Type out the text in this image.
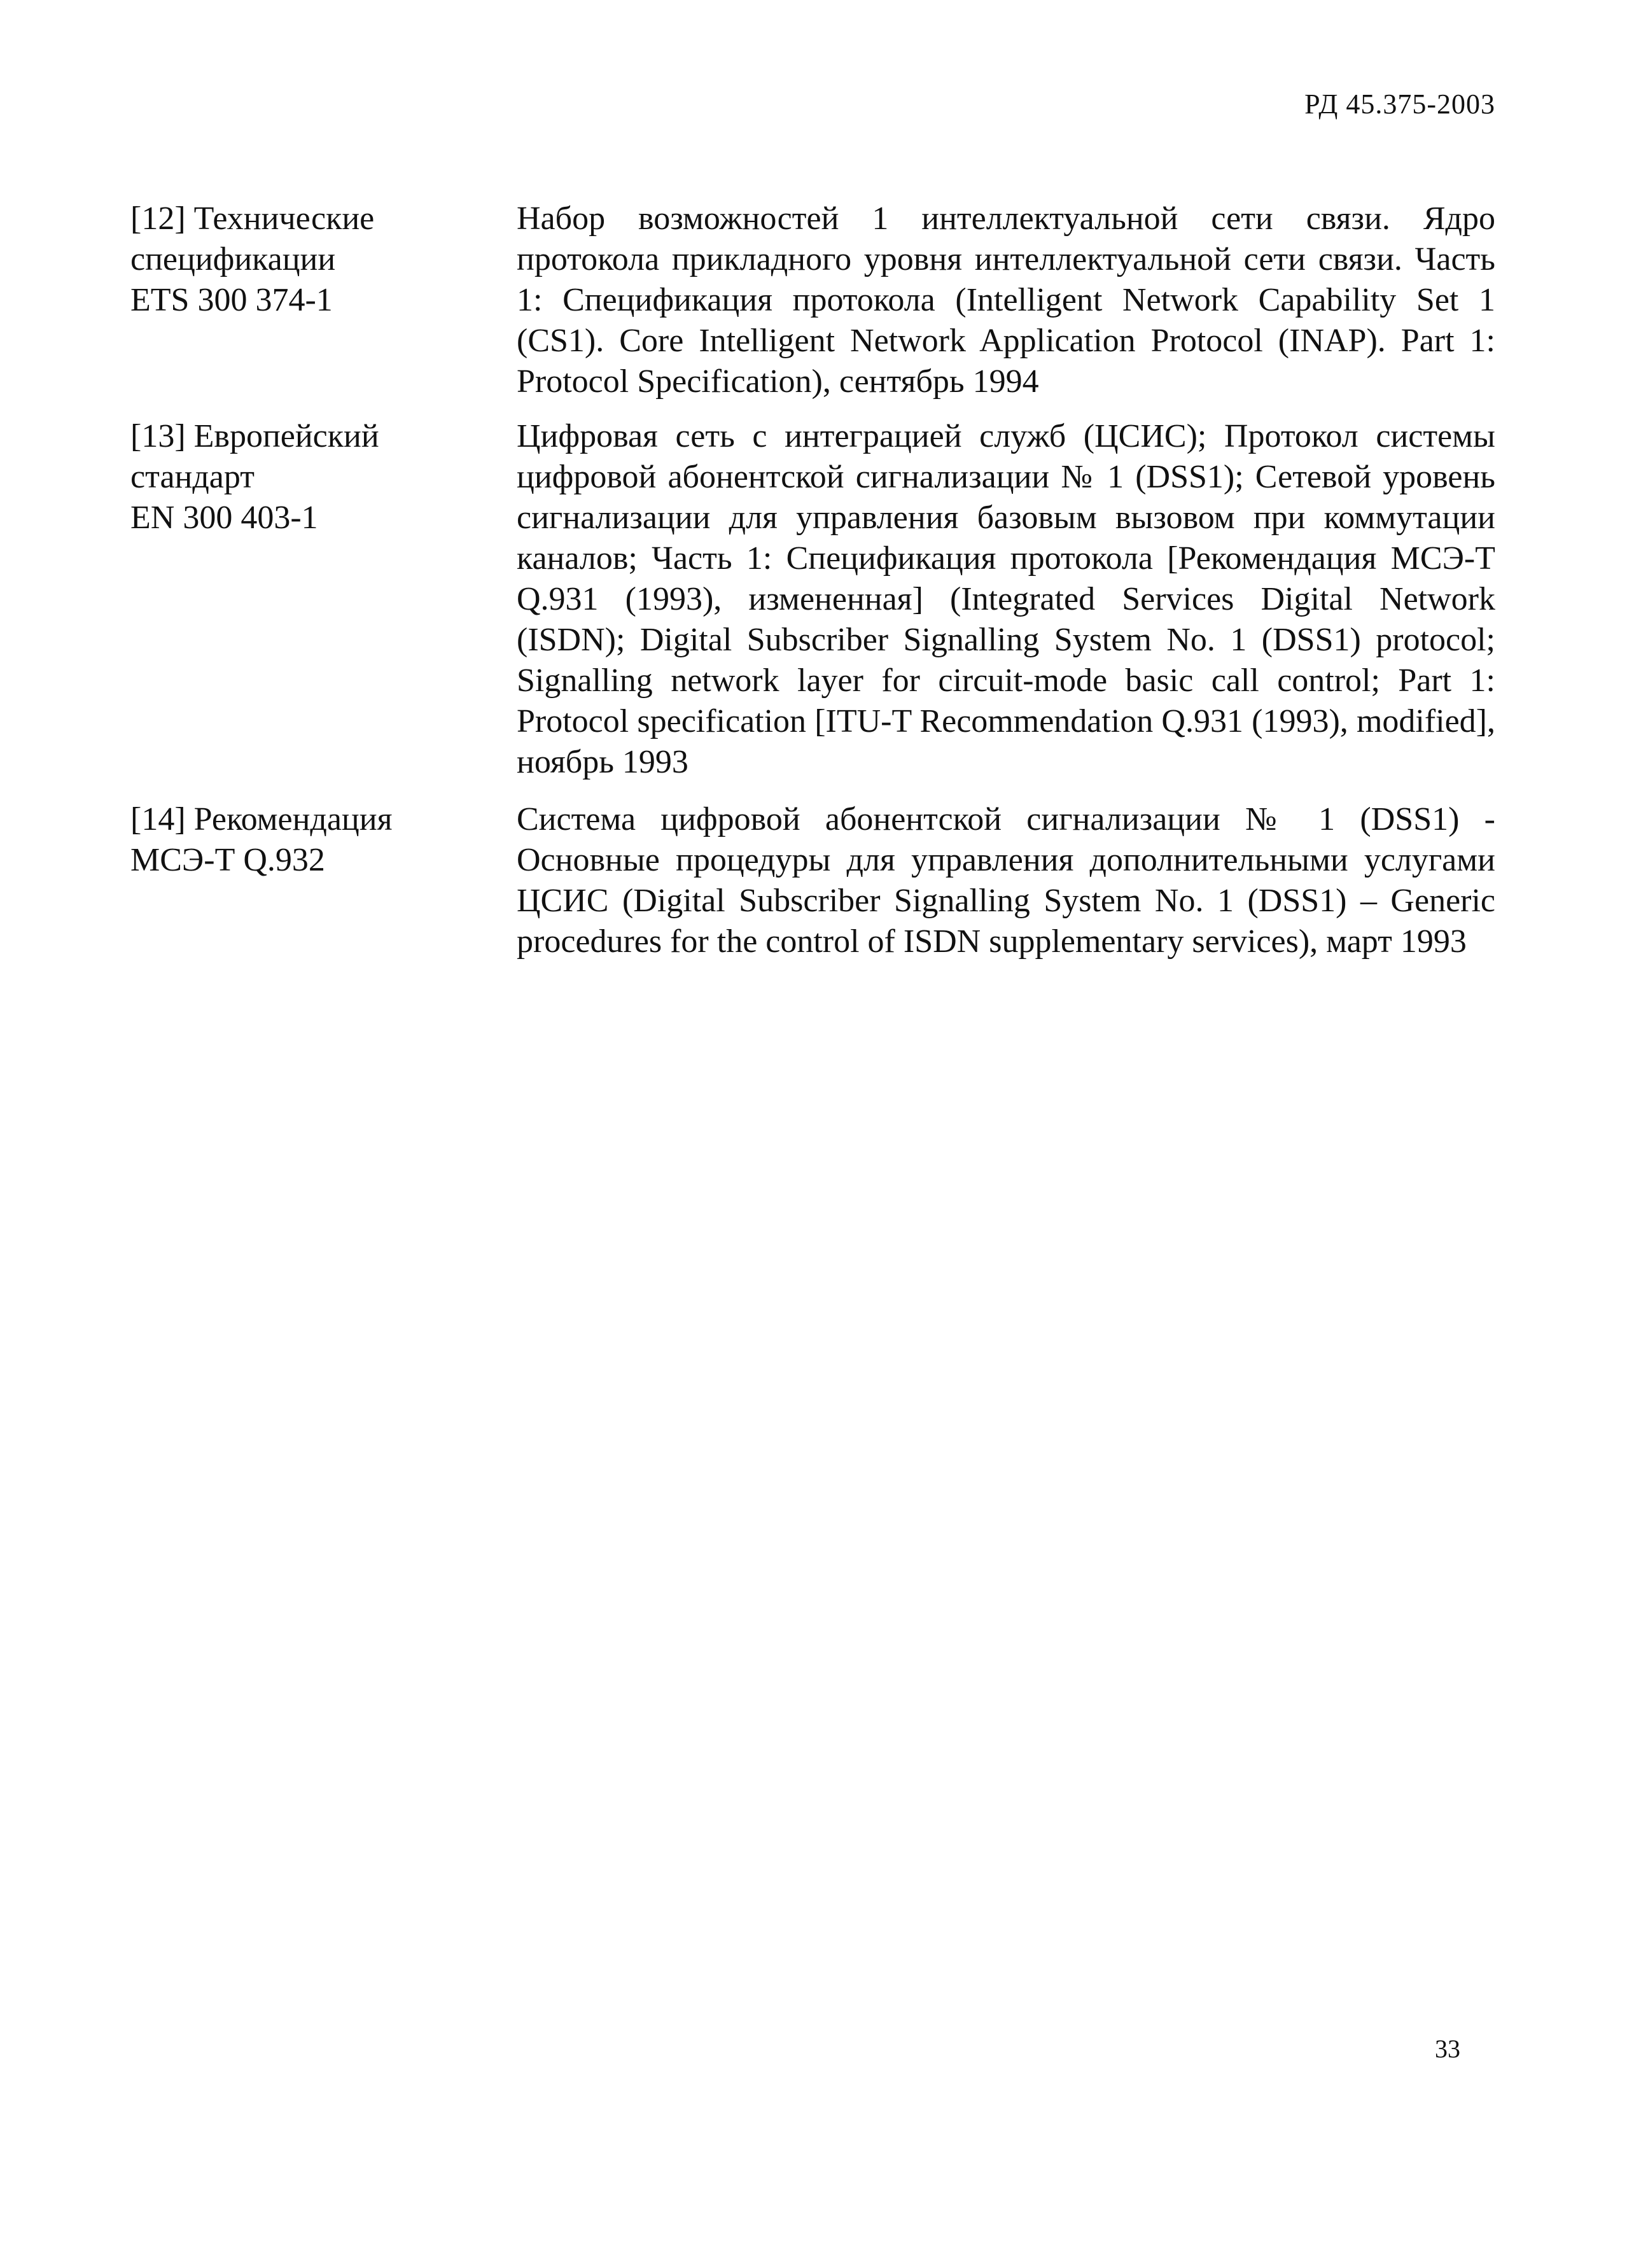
РД 45.375-2003
[12] Технические
спецификации
ETS 300 374-1
Набор возможностей 1 интеллектуальной сети связи. Ядро протокола прикладного уровня интеллектуальной сети связи. Часть 1: Спецификация протокола (Intelligent Network Capability Set 1 (CS1). Core Intelligent Network Application Protocol (INAP). Part 1: Protocol Specification), сентябрь 1994
[13] Европейский
стандарт
EN 300 403-1
Цифровая сеть с интеграцией служб (ЦСИС); Протокол системы цифровой абонентской сигнализации № 1 (DSS1); Сетевой уровень сигнализации для управления базовым вызовом при коммутации каналов; Часть 1: Спецификация протокола [Рекомендация МСЭ-Т Q.931 (1993), измененная] (Integrated Services Digital Network (ISDN); Digital Subscriber Signalling System No. 1 (DSS1) protocol; Signalling network layer for circuit-mode basic call control; Part 1: Protocol specification [ITU-T Recommendation Q.931 (1993), modified], ноябрь 1993
[14] Рекомендация
МСЭ-Т Q.932
Система цифровой абонентской сигнализации № 1 (DSS1) - Основные процедуры для управления дополнительными услугами ЦСИС (Digital Subscriber Signalling System No. 1 (DSS1) – Generic procedures for the control of ISDN supplementary services), март 1993
33
